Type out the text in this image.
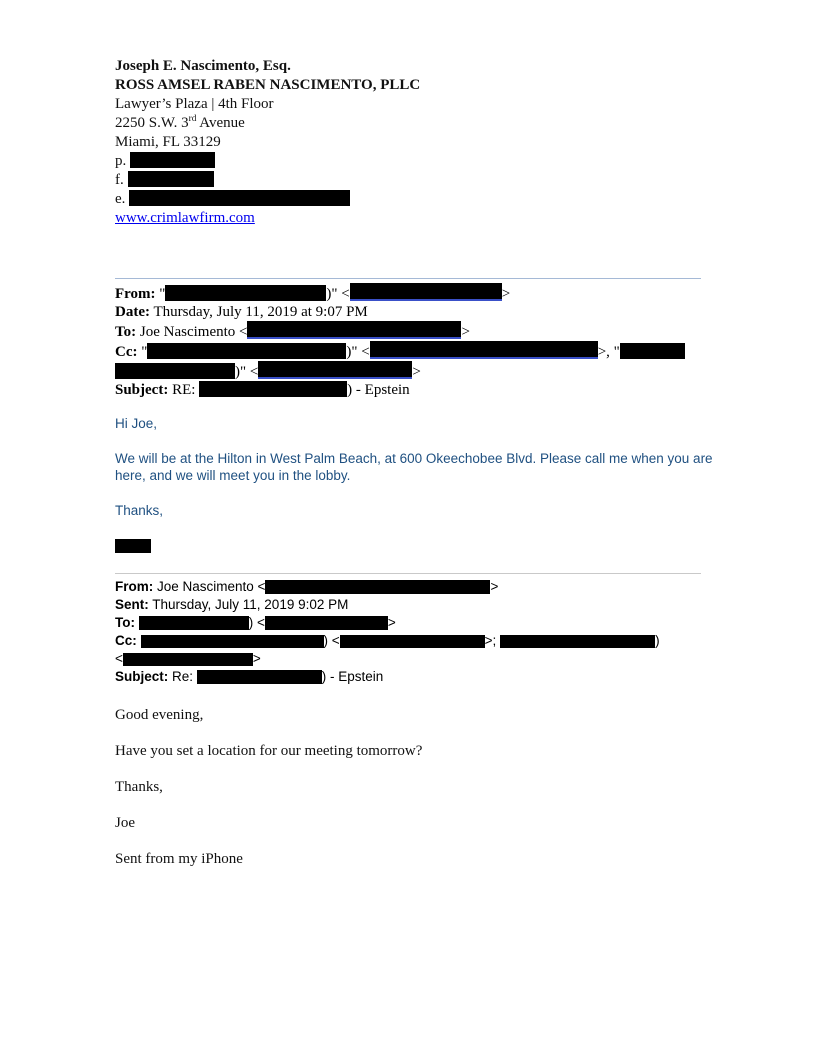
Joseph E. Nascimento, Esq.
ROSS AMSEL RABEN NASCIMENTO, PLLC
Lawyer’s Plaza | 4th Floor
2250 S.W. 3rd Avenue
Miami, FL 33129
p.
f.
e.
www.crimlawfirm.com
From: "	)" <	>
Date: Thursday, July 11, 2019 at 9:07 PM
To: Joe Nascimento <	>
Cc: "	)" <	>, "
)" <	>
Subject: RE:	) - Epstein
Hi Joe,
We will be at the Hilton in West Palm Beach, at 600 Okeechobee Blvd. Please call me when you are
here, and we will meet you in the lobby.
Thanks,
From: Joe Nascimento <	>
Sent: Thursday, July 11, 2019 9:02 PM
To:	) <	>
Cc:	) <	>;	)
<	>
Subject: Re:	) - Epstein
Good evening,
Have you set a location for our meeting tomorrow?
Thanks,
Joe
Sent from my iPhone
